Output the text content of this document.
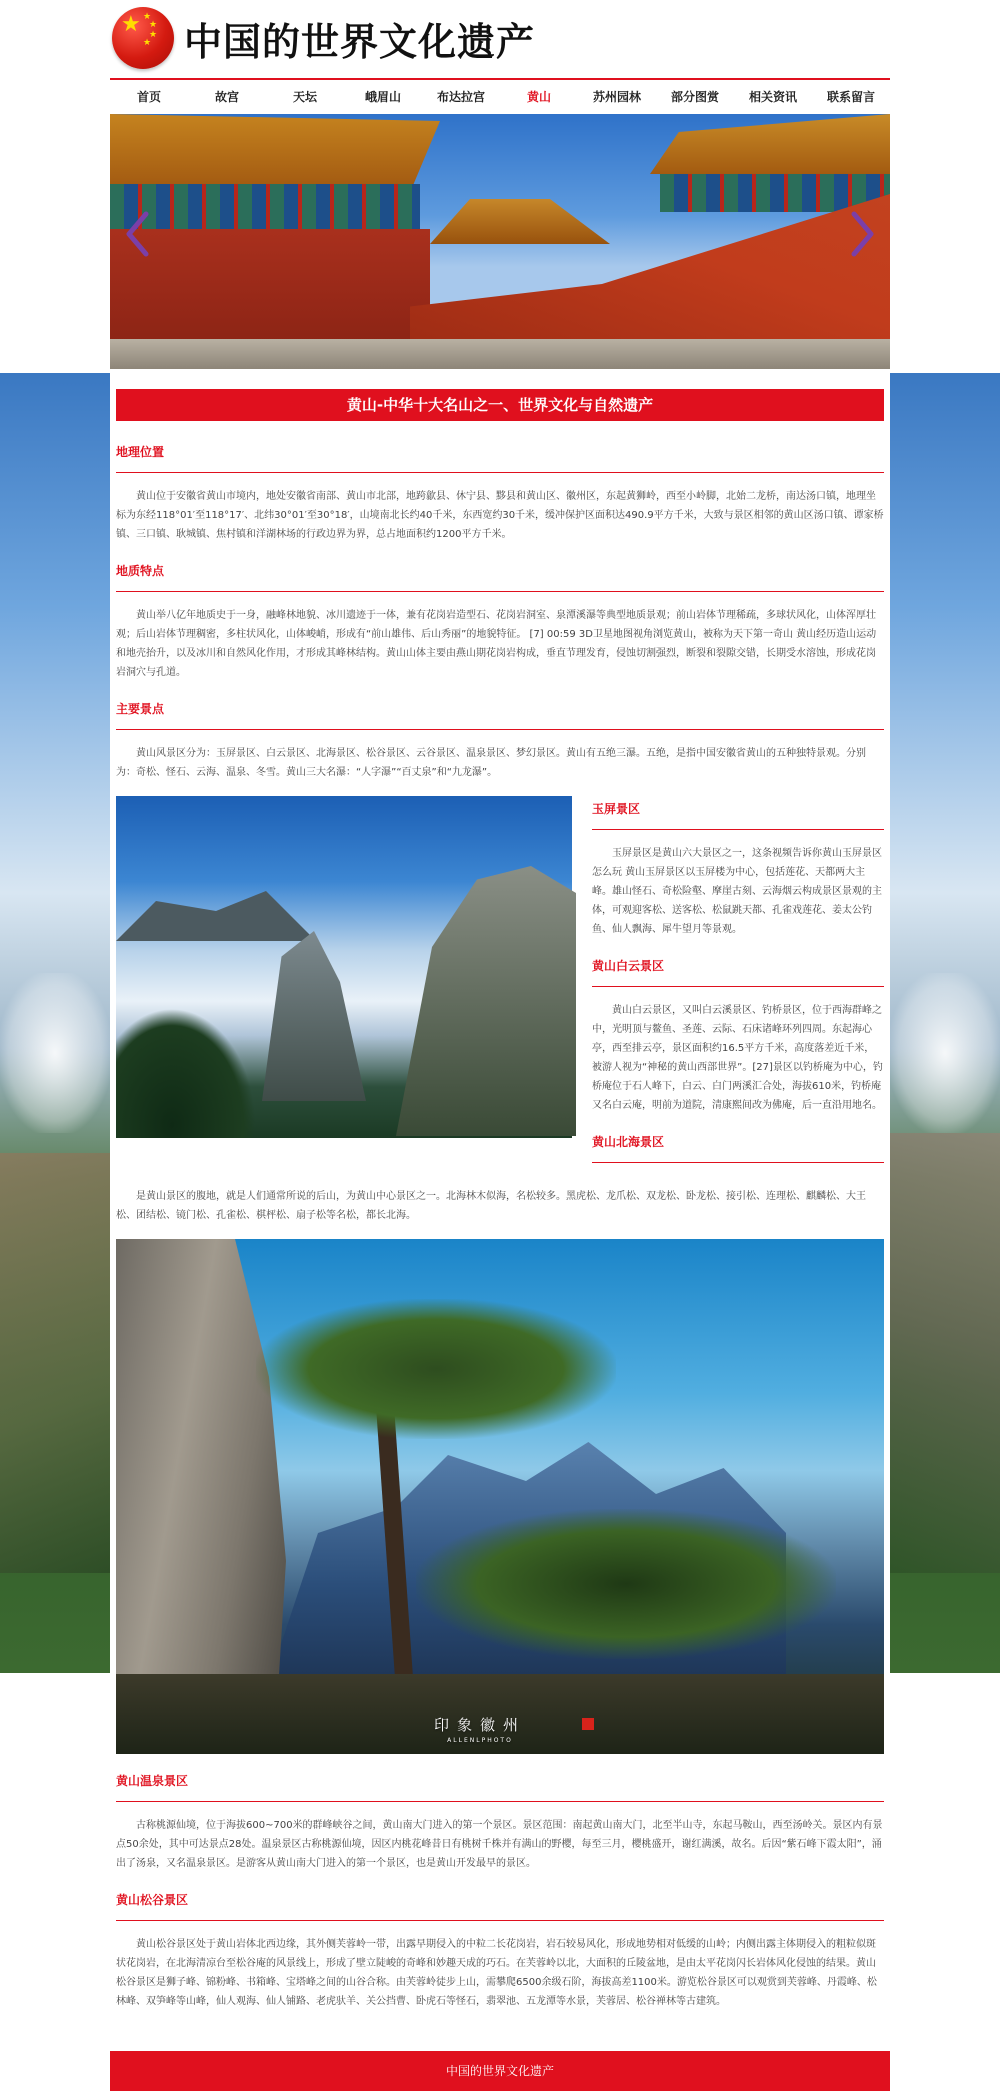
★ ★
★
★
★ 中国的世界文化遗产
首页	故宫	天坛	峨眉山	布达拉宫	黄山	苏州园林	部分图赏	相关资讯	联系留言
黄山-中华十大名山之一、世界文化与自然遗产
地理位置

黄山位于安徽省黄山市境内，地处安徽省南部、黄山市北部，地跨歙县、休宁县、黟县和黄山区、徽州区，东起黄狮岭，西至小岭脚，北始二龙桥，南达汤口镇，地理坐标为东经118°01′至118°17′、北纬30°01′至30°18′，山境南北长约40千米，东西宽约30千米，缓冲保护区面积达490.9平方千米，大致与景区相邻的黄山区汤口镇、谭家桥镇、三口镇、耿城镇、焦村镇和洋湖林场的行政边界为界，总占地面积约1200平方千米。

地质特点

黄山举八亿年地质史于一身，融峰林地貌、冰川遗迹于一体，兼有花岗岩造型石、花岗岩洞室、泉潭溪瀑等典型地质景观；前山岩体节理稀疏，多球状风化，山体浑厚壮观；后山岩体节理稠密，多柱状风化，山体峻峭，形成有“前山雄伟、后山秀丽”的地貌特征。 [7] 00:59 3D卫星地图视角浏览黄山，被称为天下第一奇山 黄山经历造山运动和地壳抬升，以及冰川和自然风化作用，才形成其峰林结构。黄山山体主要由燕山期花岗岩构成，垂直节理发育，侵蚀切割强烈，断裂和裂隙交错，长期受水溶蚀，形成花岗岩洞穴与孔道。

主要景点

黄山风景区分为：玉屏景区、白云景区、北海景区、松谷景区、云谷景区、温泉景区、梦幻景区。黄山有五绝三瀑。五绝，是指中国安徽省黄山的五种独特景观。分别为：奇松、怪石、云海、温泉、冬雪。黄山三大名瀑：“人字瀑”“百丈泉”和“九龙瀑”。

玉屏景区

玉屏景区是黄山六大景区之一，这条视频告诉你黄山玉屏景区怎么玩 黄山玉屏景区以玉屏楼为中心，包括莲花、天都两大主峰。雄山怪石、奇松险壑、摩崖古刻、云海烟云构成景区景观的主体，可观迎客松、送客松、松鼠跳天都、孔雀戏莲花、姜太公钓鱼、仙人飘海、犀牛望月等景观。

黄山白云景区

黄山白云景区，又叫白云溪景区、钓桥景区，位于西海群峰之中，光明顶与鳌鱼、圣莲、云际、石床诸峰环列四周。东起海心亭，西至排云亭，景区面积约16.5平方千米，高度落差近千米，被游人视为“神秘的黄山西部世界”。[27]景区以钓桥庵为中心，钓桥庵位于石人峰下，白云、白门两溪汇合处，海拔610米，钓桥庵又名白云庵，明前为道院，清康熙间改为佛庵，后一直沿用地名。

黄山北海景区

是黄山景区的腹地，就是人们通常所说的后山，为黄山中心景区之一。北海林木似海，名松较多。黑虎松、龙爪松、双龙松、卧龙松、接引松、连理松、麒麟松、大王松、团结松、镜门松、孔雀松、棋枰松、扇子松等名松，都长北海。

印象徽州
ALLENLPHOTO
黄山温泉景区

古称桃源仙境，位于海拔600~700米的群峰峡谷之间，黄山南大门进入的第一个景区。景区范围：南起黄山南大门，北至半山寺，东起马鞍山，西至汤岭关。景区内有景点50余处，其中可达景点28处。温泉景区古称桃源仙境，因区内桃花峰昔日有桃树千株并有满山的野樱，每至三月，樱桃盛开，谢红满溪，故名。后因“紫石峰下霞太阳”，涌出了汤泉，又名温泉景区。是游客从黄山南大门进入的第一个景区，也是黄山开发最早的景区。

黄山松谷景区

黄山松谷景区处于黄山岩体北西边缘，其外侧芙蓉岭一带，出露早期侵入的中粒二长花岗岩，岩石较易风化，形成地势相对低缓的山岭；内侧出露主体期侵入的粗粒似斑状花岗岩，在北海清凉台至松谷庵的风景线上，形成了壁立陡峻的奇峰和妙趣天成的巧石。在芙蓉岭以北，大面积的丘陵盆地，是由太平花岗闪长岩体风化侵蚀的结果。黄山松谷景区是狮子峰、锦粉峰、书箱峰、宝塔峰之间的山谷合称。由芙蓉岭徒步上山，需攀爬6500余级石阶，海拔高差1100米。游览松谷景区可以观赏到芙蓉峰、丹霞峰、松林峰、双笋峰等山峰，仙人观海、仙人铺路、老虎驮羊、关公挡曹、卧虎石等怪石，翡翠池、五龙潭等水景，芙蓉居、松谷禅林等古建筑。

中国的世界文化遗产
